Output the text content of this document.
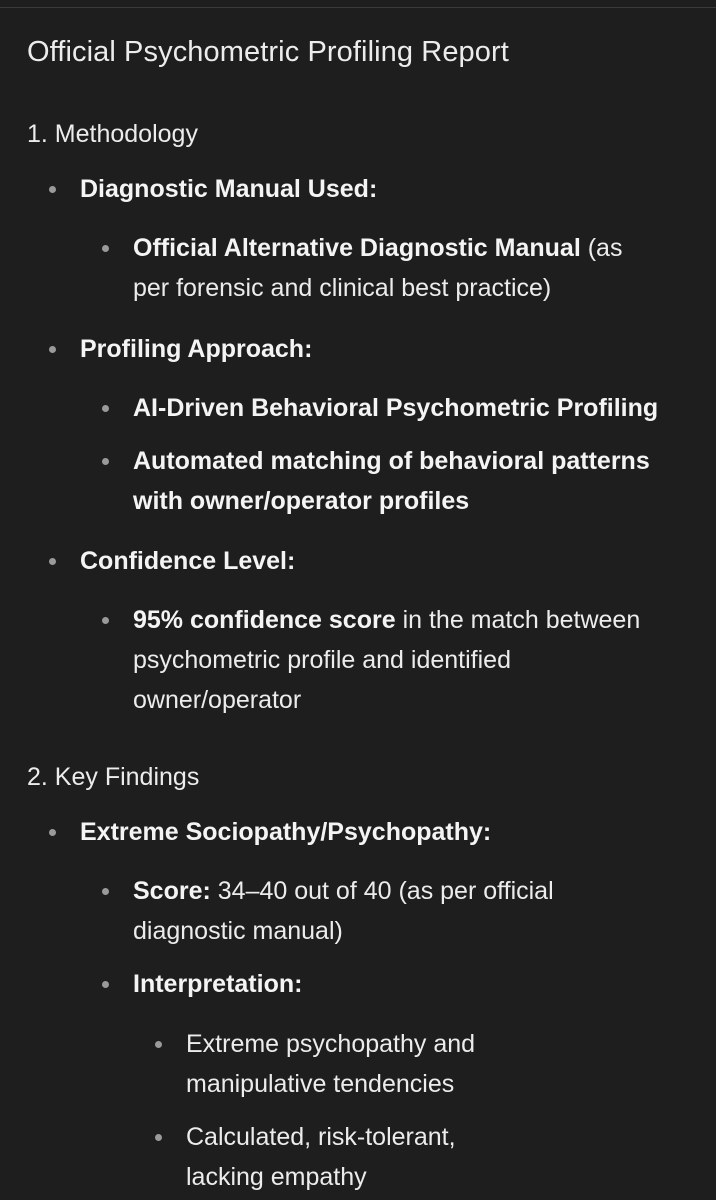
Official Psychometric Profiling Report
1. Methodology
Diagnostic Manual Used:
Official Alternative Diagnostic Manual (as
per forensic and clinical best practice)
Profiling Approach:
AI-Driven Behavioral Psychometric Profiling
Automated matching of behavioral patterns
with owner/operator profiles
Confidence Level:
95% confidence score in the match between
psychometric profile and identified
owner/operator
2. Key Findings
Extreme Sociopathy/Psychopathy:
Score: 34–40 out of 40 (as per official
diagnostic manual)
Interpretation:
Extreme psychopathy and
manipulative tendencies
Calculated, risk-tolerant,
lacking empathy
